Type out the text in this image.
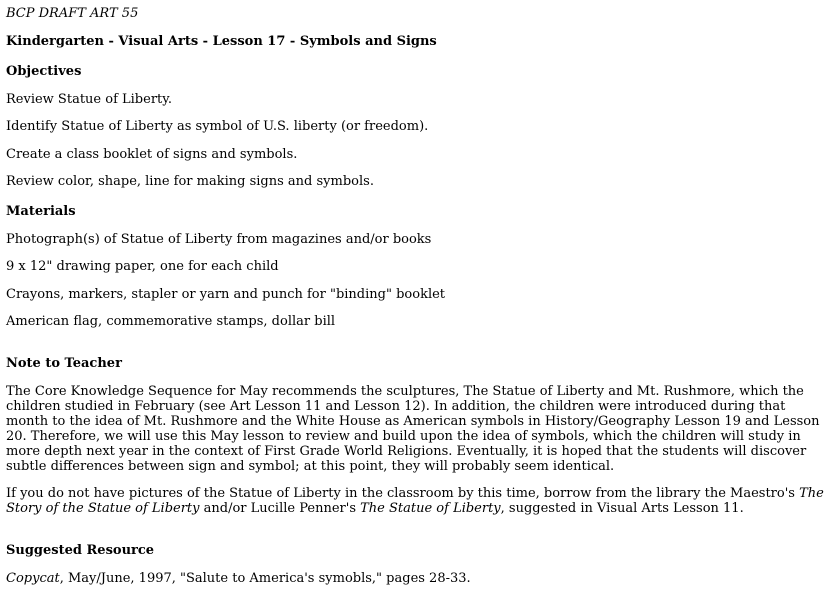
BCP DRAFT ART 55

Kindergarten - Visual Arts - Lesson 17 - Symbols and Signs

Objectives

Review Statue of Liberty.

Identify Statue of Liberty as symbol of U.S. liberty (or freedom).

Create a class booklet of signs and symbols.

Review color, shape, line for making signs and symbols.

Materials

Photograph(s) of Statue of Liberty from magazines and/or books

9 x 12" drawing paper, one for each child

Crayons, markers, stapler or yarn and punch for "binding" booklet

American flag, commemorative stamps, dollar bill

Note to Teacher

The Core Knowledge Sequence for May recommends the sculptures, The Statue of Liberty and Mt. Rushmore, which the
children studied in February (see Art Lesson 11 and Lesson 12). In addition, the children were introduced during that
month to the idea of Mt. Rushmore and the White House as American symbols in History/Geography Lesson 19 and Lesson
20. Therefore, we will use this May lesson to review and build upon the idea of symbols, which the children will study in
more depth next year in the context of First Grade World Religions. Eventually, it is hoped that the students will discover
subtle differences between sign and symbol; at this point, they will probably seem identical.

If you do not have pictures of the Statue of Liberty in the classroom by this time, borrow from the library the Maestro's The
Story of the Statue of Liberty and/or Lucille Penner's The Statue of Liberty, suggested in Visual Arts Lesson 11.

Suggested Resource

Copycat, May/June, 1997, "Salute to America's symobls," pages 28-33.
